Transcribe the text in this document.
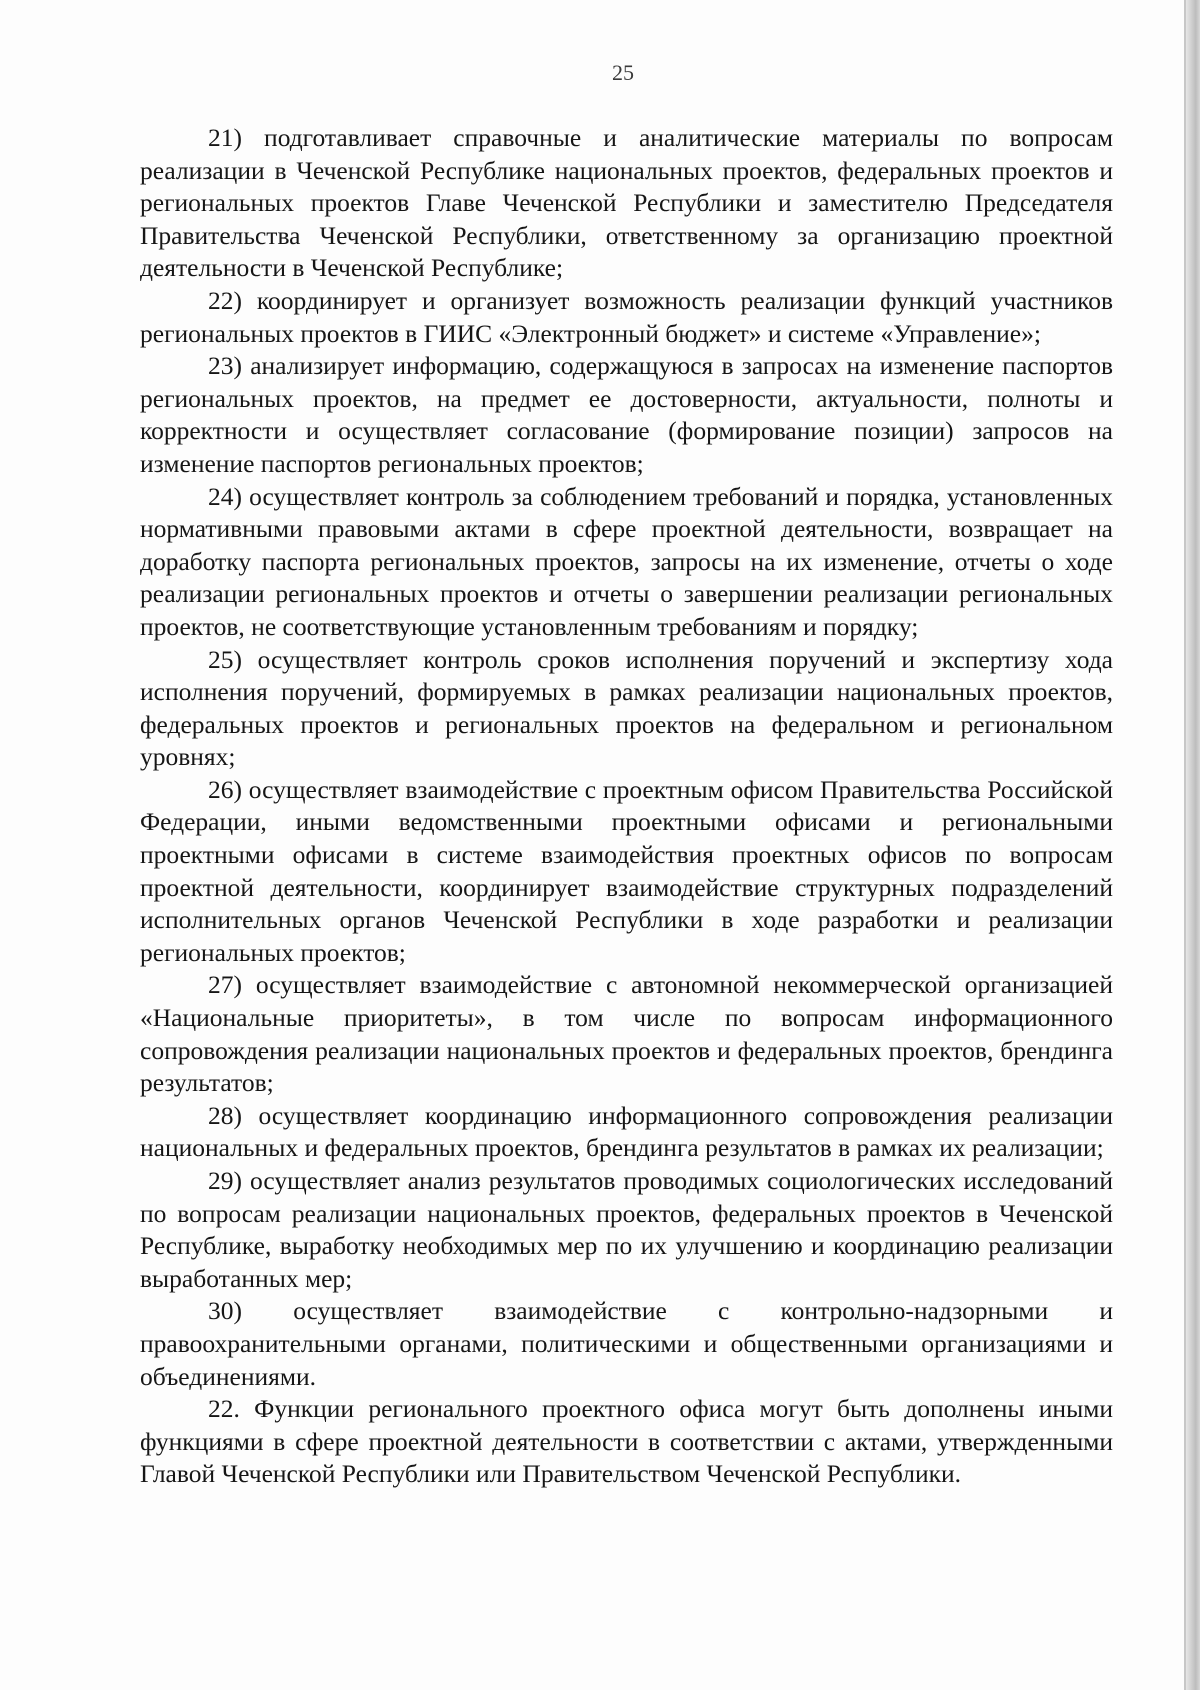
25

21) подготавливает справочные и аналитические материалы по вопросам реализации в Чеченской Республике национальных проектов, федеральных проектов и региональных проектов Главе Чеченской Республики и заместителю Председателя Правительства Чеченской Республики, ответственному за организацию проектной деятельности в Чеченской Республике;

22) координирует и организует возможность реализации функций участников региональных проектов в ГИИС «Электронный бюджет» и системе «Управление»;

23) анализирует информацию, содержащуюся в запросах на изменение паспортов региональных проектов, на предмет ее достоверности, актуальности, полноты и корректности и осуществляет согласование (формирование позиции) запросов на изменение паспортов региональных проектов;

24) осуществляет контроль за соблюдением требований и порядка, установленных нормативными правовыми актами в сфере проектной деятельности, возвращает на доработку паспорта региональных проектов, запросы на их изменение, отчеты о ходе реализации региональных проектов и отчеты о завершении реализации региональных проектов, не соответствующие установленным требованиям и порядку;

25) осуществляет контроль сроков исполнения поручений и экспертизу хода исполнения поручений, формируемых в рамках реализации национальных проектов, федеральных проектов и региональных проектов на федеральном и региональном уровнях;

26) осуществляет взаимодействие с проектным офисом Правительства Российской Федерации, иными ведомственными проектными офисами и региональными проектными офисами в системе взаимодействия проектных офисов по вопросам проектной деятельности, координирует взаимодействие структурных подразделений исполнительных органов Чеченской Республики в ходе разработки и реализации региональных проектов;

27) осуществляет взаимодействие с автономной некоммерческой организацией «Национальные приоритеты», в том числе по вопросам информационного сопровождения реализации национальных проектов и федеральных проектов, брендинга результатов;

28) осуществляет координацию информационного сопровождения реализации национальных и федеральных проектов, брендинга результатов в рамках их реализации;

29) осуществляет анализ результатов проводимых социологических исследований по вопросам реализации национальных проектов, федеральных проектов в Чеченской Республике, выработку необходимых мер по их улучшению и координацию реализации выработанных мер;

30) осуществляет взаимодействие с контрольно-надзорными и правоохранительными органами, политическими и общественными организациями и объединениями.

22. Функции регионального проектного офиса могут быть дополнены иными функциями в сфере проектной деятельности в соответствии с актами, утвержденными Главой Чеченской Республики или Правительством Чеченской Республики.
